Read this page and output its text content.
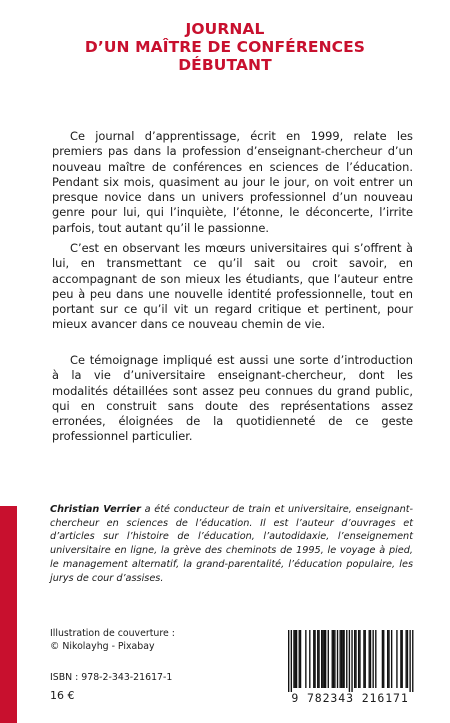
JOURNAL
D’UN MAÎTRE DE CONFÉRENCES
DÉBUTANT

Ce journal d’apprentissage, écrit en 1999, relate les premiers pas dans la profession d’enseignant-chercheur d’un nouveau maître de conférences en sciences de l’éducation. Pendant six mois, quasiment au jour le jour, on voit entrer un presque novice dans un univers professionnel d’un nouveau genre pour lui, qui l’inquiète, l’étonne, le déconcerte, l’irrite parfois, tout autant qu’il le passionne.

C’est en observant les mœurs universitaires qui s’offrent à lui, en transmettant ce qu’il sait ou croit savoir, en accompagnant de son mieux les étudiants, que l’auteur entre peu à peu dans une nouvelle identité professionnelle, tout en portant sur ce qu’il vit un regard critique et pertinent, pour mieux avancer dans ce nouveau chemin de vie.

Ce témoignage impliqué est aussi une sorte d’introduction à la vie d’universitaire enseignant-chercheur, dont les modalités détaillées sont assez peu connues du grand public, qui en construit sans doute des représentations assez erronées, éloignées de la quotidienneté de ce geste professionnel particulier.

Christian Verrier a été conducteur de train et universitaire, enseignant-chercheur en sciences de l’éducation. Il est l’auteur d’ouvrages et d’articles sur l’histoire de l’éducation, l’autodidaxie, l’enseignement universitaire en ligne, la grève des cheminots de 1995, le voyage à pied, le management alternatif, la grand-parentalité, l’éducation populaire, les jurys de cour d’assises.
Illustration de couverture :
© Nikolayhg - Pixabay
ISBN : 978-2-343-21617-1
16 €	9 782343 216171
